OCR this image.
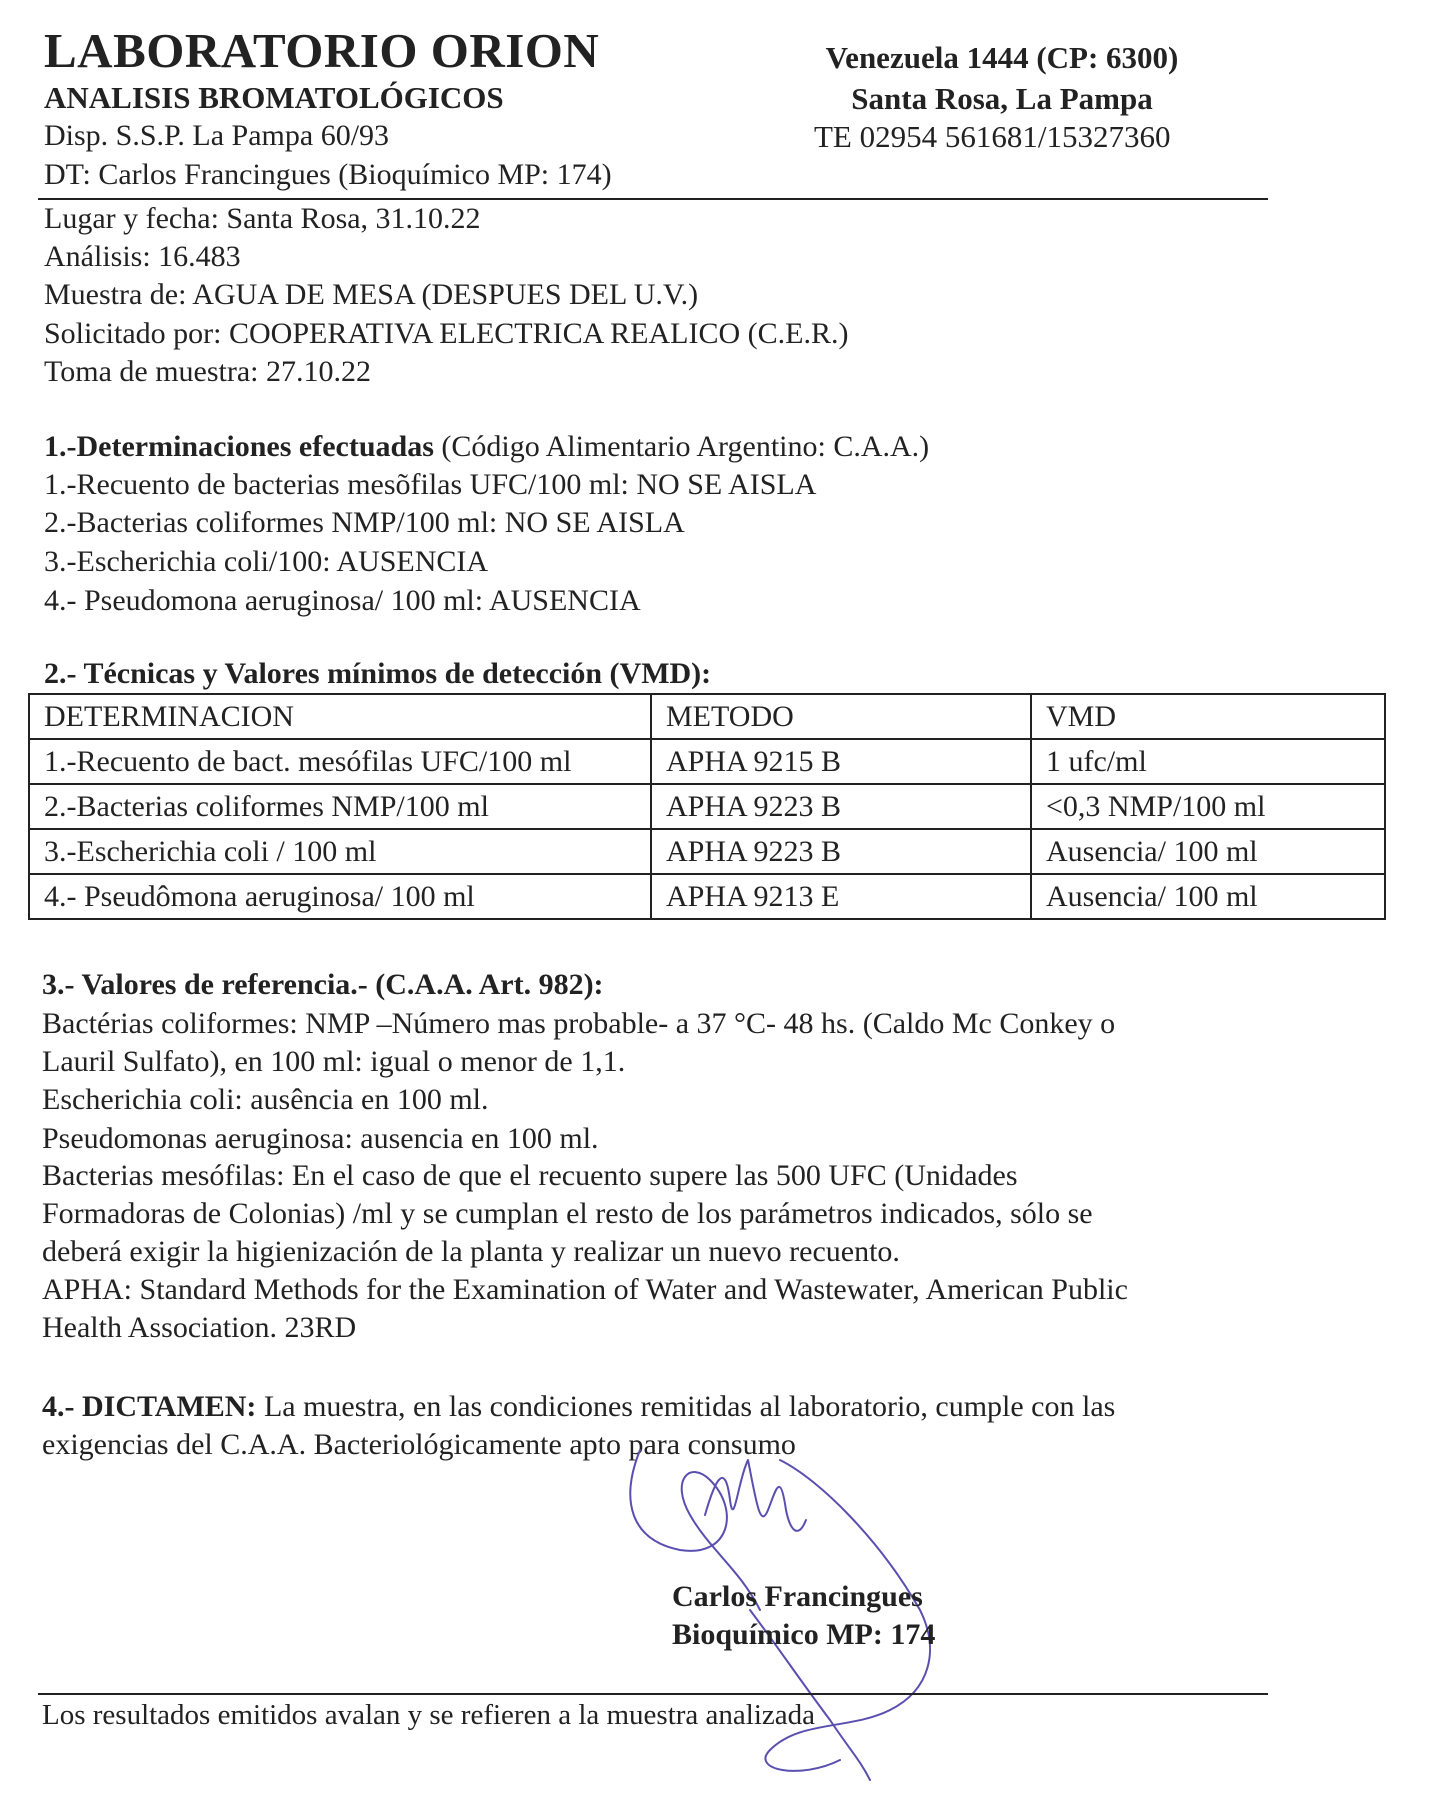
LABORATORIO ORION
ANALISIS BROMATOLÓGICOS
Disp. S.S.P. La Pampa 60/93
DT: Carlos Francingues (Bioquímico MP: 174)
Venezuela 1444 (CP: 6300)
Santa Rosa, La Pampa
TE 02954 561681/15327360
Lugar y fecha: Santa Rosa, 31.10.22
Análisis: 16.483
Muestra de: AGUA DE MESA (DESPUES DEL U.V.)
Solicitado por: COOPERATIVA ELECTRICA REALICO (C.E.R.)
Toma de muestra: 27.10.22
1.-Determinaciones efectuadas (Código Alimentario Argentino: C.A.A.)
1.-Recuento de bacterias mesõfilas UFC/100 ml: NO SE AISLA
2.-Bacterias coliformes NMP/100 ml: NO SE AISLA
3.-Escherichia coli/100: AUSENCIA
4.- Pseudomona aeruginosa/ 100 ml: AUSENCIA
2.- Técnicas y Valores mínimos de detección (VMD):
DETERMINACION	METODO	VMD
1.-Recuento de bact. mesófilas UFC/100 ml	APHA 9215 B	1 ufc/ml
2.-Bacterias coliformes NMP/100 ml	APHA 9223 B	<0,3 NMP/100 ml
3.-Escherichia coli / 100 ml	APHA 9223 B	Ausencia/ 100 ml
4.- Pseudômona aeruginosa/ 100 ml	APHA 9213 E	Ausencia/ 100 ml
3.- Valores de referencia.- (C.A.A. Art. 982):
Bactérias coliformes: NMP –Número mas probable- a 37 °C- 48 hs. (Caldo Mc Conkey o
Lauril Sulfato), en 100 ml: igual o menor de 1,1.
Escherichia coli: ausência en 100 ml.
Pseudomonas aeruginosa: ausencia en 100 ml.
Bacterias mesófilas: En el caso de que el recuento supere las 500 UFC (Unidades
Formadoras de Colonias) /ml y se cumplan el resto de los parámetros indicados, sólo se
deberá exigir la higienización de la planta y realizar un nuevo recuento.
APHA: Standard Methods for the Examination of Water and Wastewater, American Public
Health Association. 23RD
4.- DICTAMEN: La muestra, en las condiciones remitidas al laboratorio, cumple con las
exigencias del C.A.A. Bacteriológicamente apto para consumo
Carlos Francingues
Bioquímico MP: 174
Los resultados emitidos avalan y se refieren a la muestra analizada
